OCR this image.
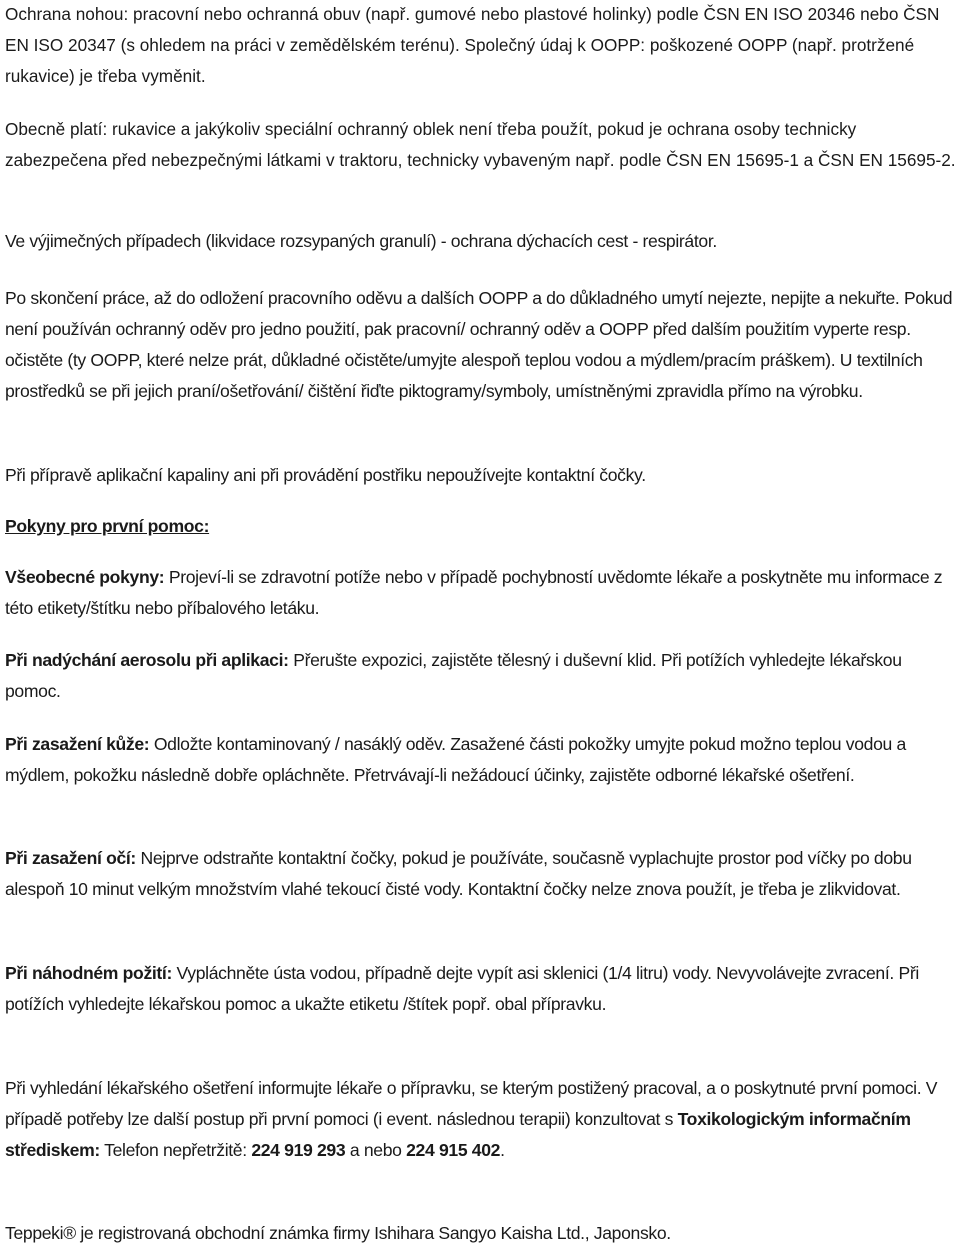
Ochrana nohou: pracovní nebo ochranná obuv (např. gumové nebo plastové holinky) podle ČSN EN ISO 20346 nebo ČSN EN ISO 20347 (s ohledem na práci v zemědělském terénu). Společný údaj k OOPP: poškozené OOPP (např. protržené rukavice) je třeba vyměnit.

Obecně platí: rukavice a jakýkoliv speciální ochranný oblek není třeba použít, pokud je ochrana osoby technicky zabezpečena před nebezpečnými látkami v traktoru, technicky vybaveným např. podle ČSN EN 15695-1 a ČSN EN 15695-2.

Ve výjimečných případech (likvidace rozsypaných granulí) - ochrana dýchacích cest - respirátor.

Po skončení práce, až do odložení pracovního oděvu a dalších OOPP a do důkladného umytí nejezte, nepijte a nekuřte. Pokud není používán ochranný oděv pro jedno použití, pak pracovní/ ochranný oděv a OOPP před dalším použitím vyperte resp. očistěte (ty OOPP, které nelze prát, důkladné očistěte/umyjte alespoň teplou vodou a mýdlem/pracím práškem). U textilních prostředků se při jejich praní/ošetřování/ čištění řiďte piktogramy/symboly, umístněnými zpravidla přímo na výrobku.

Při přípravě aplikační kapaliny ani při provádění postřiku nepoužívejte kontaktní čočky.

Pokyny pro první pomoc:

Všeobecné pokyny: Projeví-li se zdravotní potíže nebo v případě pochybností uvědomte lékaře a poskytněte mu informace z této etikety/štítku nebo příbalového letáku.

Při nadýchání aerosolu při aplikaci: Přerušte expozici, zajistěte tělesný i duševní klid. Při potížích vyhledejte lékařskou pomoc.

Při zasažení kůže: Odložte kontaminovaný / nasáklý oděv. Zasažené části pokožky umyjte pokud možno teplou vodou a mýdlem, pokožku následně dobře opláchněte. Přetrvávají-li nežádoucí účinky, zajistěte odborné lékařské ošetření.

Při zasažení očí: Nejprve odstraňte kontaktní čočky, pokud je používáte, současně vyplachujte prostor pod víčky po dobu alespoň 10 minut velkým množstvím vlahé tekoucí čisté vody. Kontaktní čočky nelze znova použít, je třeba je zlikvidovat.

Při náhodném požití: Vypláchněte ústa vodou, případně dejte vypít asi sklenici (1/4 litru) vody. Nevyvolávejte zvracení. Při potížích vyhledejte lékařskou pomoc a ukažte etiketu /štítek popř. obal přípravku.

Při vyhledání lékařského ošetření informujte lékaře o přípravku, se kterým postižený pracoval, a o poskytnuté první pomoci. V případě potřeby lze další postup při první pomoci (i event. následnou terapii) konzultovat s Toxikologickým informačním střediskem: Telefon nepřetržitě: 224 919 293 a nebo 224 915 402.

Teppeki® je registrovaná obchodní známka firmy Ishihara Sangyo Kaisha Ltd., Japonsko.
